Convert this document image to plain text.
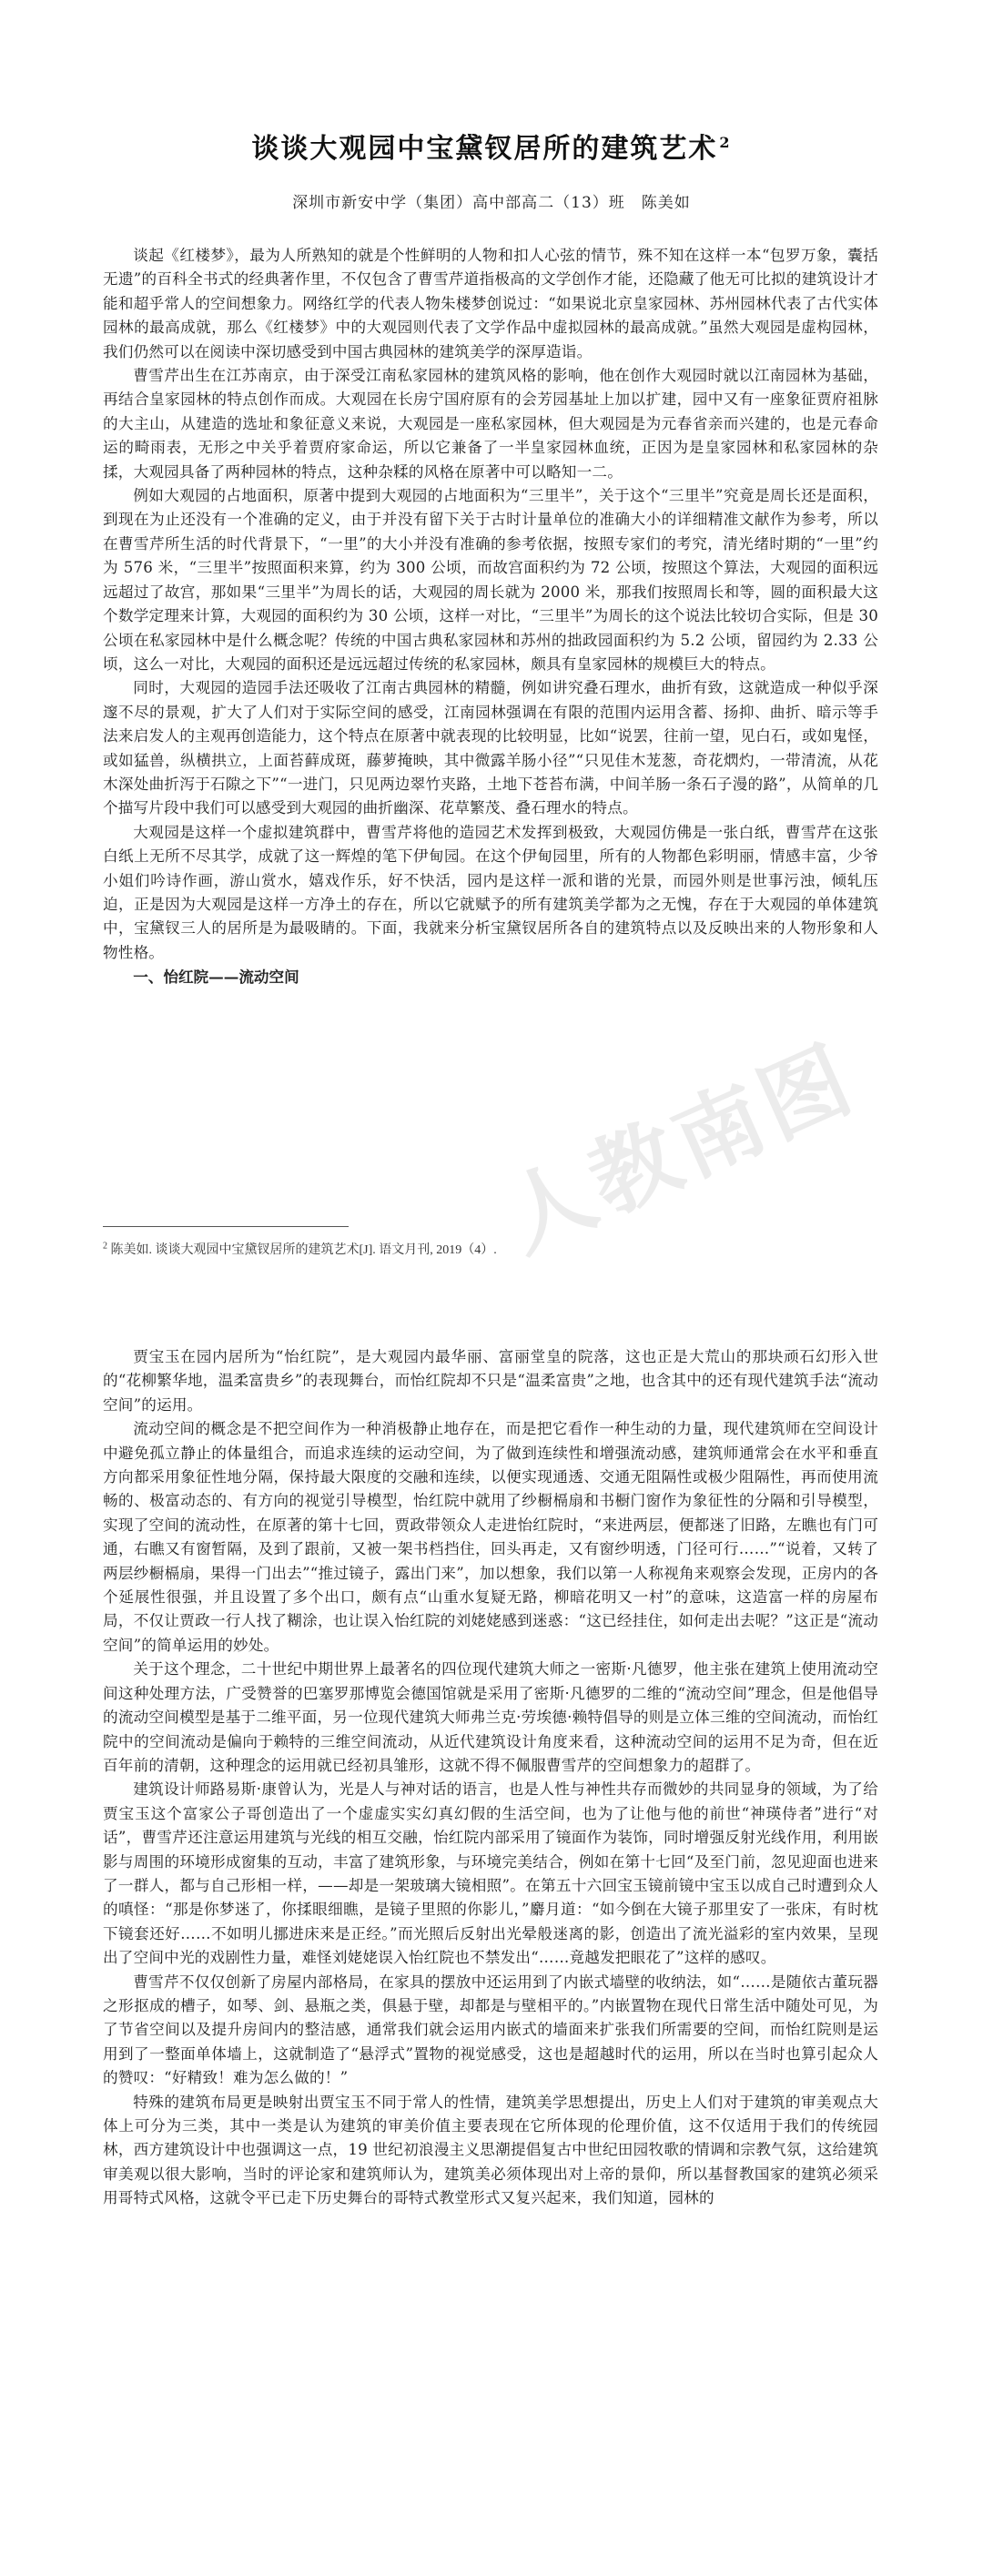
谈谈大观园中宝黛钗居所的建筑艺术 $^2$
深圳市新安中学（集团）高中部高二（13）班　陈美如

谈起《红楼梦》，最为人所熟知的就是个性鲜明的人物和扣人心弦的情节，殊不知在这样一本“包罗万象，囊括无遗”的百科全书式的经典著作里，不仅包含了曹雪芹道指极高的文学创作才能，还隐藏了他无可比拟的建筑设计才能和超乎常人的空间想象力。网络红学的代表人物朱楼梦创说过：“如果说北京皇家园林、苏州园林代表了古代实体园林的最高成就，那么《红楼梦》中的大观园则代表了文学作品中虚拟园林的最高成就。”虽然大观园是虚构园林，我们仍然可以在阅读中深切感受到中国古典园林的建筑美学的深厚造诣。

曹雪芹出生在江苏南京，由于深受江南私家园林的建筑风格的影响，他在创作大观园时就以江南园林为基础，再结合皇家园林的特点创作而成。大观园在长房宁国府原有的会芳园基址上加以扩建，园中又有一座象征贾府祖脉的大主山，从建造的选址和象征意义来说，大观园是一座私家园林，但大观园是为元春省亲而兴建的，也是元春命运的畸雨表，无形之中关乎着贾府家命运，所以它兼备了一半皇家园林血统，正因为是皇家园林和私家园林的杂揉，大观园具备了两种园林的特点，这种杂糅的风格在原著中可以略知一二。

例如大观园的占地面积，原著中提到大观园的占地面积为“三里半”，关于这个“三里半”究竟是周长还是面积，到现在为止还没有一个准确的定义，由于并没有留下关于古时计量单位的准确大小的详细精准文献作为参考，所以在曹雪芹所生活的时代背景下，“一里”的大小并没有准确的参考依据，按照专家们的考究，清光绪时期的“一里”约为 576 米，“三里半”按照面积来算，约为 300 公顷，而故宫面积约为 72 公顷，按照这个算法，大观园的面积远远超过了故宫，那如果“三里半”为周长的话，大观园的周长就为 2000 米，那我们按照周长和等，圆的面积最大这个数学定理来计算，大观园的面积约为 30 公顷，这样一对比，“三里半”为周长的这个说法比较切合实际，但是 30 公顷在私家园林中是什么概念呢？传统的中国古典私家园林和苏州的拙政园面积约为 5.2 公顷，留园约为 2.33 公顷，这么一对比，大观园的面积还是远远超过传统的私家园林，颇具有皇家园林的规模巨大的特点。

同时，大观园的造园手法还吸收了江南古典园林的精髓，例如讲究叠石理水，曲折有致，这就造成一种似乎深邃不尽的景观，扩大了人们对于实际空间的感受，江南园林强调在有限的范围内运用含蓄、扬抑、曲折、暗示等手法来启发人的主观再创造能力，这个特点在原著中就表现的比较明显，比如“说罢，往前一望，见白石，或如鬼怪，或如猛兽，纵横拱立，上面苔藓成斑，藤萝掩映，其中微露羊肠小径”“只见佳木茏葱，奇花熌灼，一带清流，从花木深处曲折泻于石隙之下”“一进门，只见两边翠竹夹路，土地下苍苔布满，中间羊肠一条石子漫的路”，从简单的几个描写片段中我们可以感受到大观园的曲折幽深、花草繁茂、叠石理水的特点。

大观园是这样一个虚拟建筑群中，曹雪芹将他的造园艺术发挥到极致，大观园仿佛是一张白纸，曹雪芹在这张白纸上无所不尽其学，成就了这一辉煌的笔下伊甸园。在这个伊甸园里，所有的人物都色彩明丽，情感丰富，少爷小姐们吟诗作画，游山赏水，嬉戏作乐，好不快活，园内是这样一派和谐的光景，而园外则是世事污浊，倾轧压迫，正是因为大观园是这样一方净土的存在，所以它就赋予的所有建筑美学都为之无愧，存在于大观园的单体建筑中，宝黛钗三人的居所是为最吸睛的。下面，我就来分析宝黛钗居所各自的建筑特点以及反映出来的人物形象和人物性格。

一、怡红院——流动空间

$^2$ 陈美如. 谈谈大观园中宝黛钗居所的建筑艺术[J]. 语文月刊, 2019（4）.
人教南图

贾宝玉在园内居所为“怡红院”，是大观园内最华丽、富丽堂皇的院落，这也正是大荒山的那块顽石幻形入世的“花柳繁华地，温柔富贵乡”的表现舞台，而怡红院却不只是“温柔富贵”之地，也含其中的还有现代建筑手法“流动空间”的运用。

流动空间的概念是不把空间作为一种消极静止地存在，而是把它看作一种生动的力量，现代建筑师在空间设计中避免孤立静止的体量组合，而追求连续的运动空间，为了做到连续性和增强流动感，建筑师通常会在水平和垂直方向都采用象征性地分隔，保持最大限度的交融和连续，以便实现通透、交通无阻隔性或极少阻隔性，再而使用流畅的、极富动态的、有方向的视觉引导模型，怡红院中就用了纱橱槅扇和书橱门窗作为象征性的分隔和引导模型，实现了空间的流动性，在原著的第十七回，贾政带领众人走进怡红院时，“来进两层，便都迷了旧路，左瞧也有门可通，右瞧又有窗暂隔，及到了跟前，又被一架书档挡住，回头再走，又有窗纱明透，门径可行……”“说着，又转了两层纱橱槅扇，果得一门出去”“推过镜子，露出门来”，加以想象，我们以第一人称视角来观察会发现，正房内的各个延展性很强，并且设置了多个出口，颇有点“山重水复疑无路，柳暗花明又一村”的意味，这造富一样的房屋布局，不仅让贾政一行人找了糊涂，也让误入怡红院的刘姥姥感到迷惑：“这已经挂住，如何走出去呢？”这正是“流动空间”的简单运用的妙处。

关于这个理念，二十世纪中期世界上最著名的四位现代建筑大师之一密斯·凡德罗，他主张在建筑上使用流动空间这种处理方法，广受赞誉的巴塞罗那博览会德国馆就是采用了密斯·凡德罗的二维的“流动空间”理念，但是他倡导的流动空间模型是基于二维平面，另一位现代建筑大师弗兰克·劳埃德·赖特倡导的则是立体三维的空间流动，而怡红院中的空间流动是偏向于赖特的三维空间流动，从近代建筑设计角度来看，这种流动空间的运用不足为奇，但在近百年前的清朝，这种理念的运用就已经初具雏形，这就不得不佩服曹雪芹的空间想象力的超群了。

建筑设计师路易斯·康曾认为，光是人与神对话的语言，也是人性与神性共存而微妙的共同显身的领域，为了给贾宝玉这个富家公子哥创造出了一个虚虚实实幻真幻假的生活空间，也为了让他与他的前世“神瑛侍者”进行“对话”，曹雪芹还注意运用建筑与光线的相互交融，怡红院内部采用了镜面作为装饰，同时增强反射光线作用，利用嵌影与周围的环境形成窗集的互动，丰富了建筑形象，与环境完美结合，例如在第十七回“及至门前，忽见迎面也进来了一群人，都与自己形相一样，——却是一架玻璃大镜相照”。在第五十六回宝玉镜前镜中宝玉以成自己时遭到众人的嗔怪：“那是你梦迷了，你揉眼细瞧，是镜子里照的你影儿，”麝月道：“如今倒在大镜子那里安了一张床，有时枕下镜套还好……不如明儿挪进床来是正经。”而光照后反射出光晕般迷离的影，创造出了流光溢彩的室内效果，呈现出了空间中光的戏剧性力量，难怪刘姥姥误入怡红院也不禁发出“……竟越发把眼花了”这样的感叹。

曹雪芹不仅仅创新了房屋内部格局，在家具的摆放中还运用到了内嵌式墙壁的收纳法，如“……是随依古董玩器之形抠成的槽子，如琴、剑、悬瓶之类，俱悬于壁，却都是与壁相平的。”内嵌置物在现代日常生活中随处可见，为了节省空间以及提升房间内的整洁感，通常我们就会运用内嵌式的墙面来扩张我们所需要的空间，而怡红院则是运用到了一整面单体墙上，这就制造了“悬浮式”置物的视觉感受，这也是超越时代的运用，所以在当时也算引起众人的赞叹：“好精致！难为怎么做的！”

特殊的建筑布局更是映射出贾宝玉不同于常人的性情，建筑美学思想提出，历史上人们对于建筑的审美观点大体上可分为三类，其中一类是认为建筑的审美价值主要表现在它所体现的伦理价值，这不仅适用于我们的传统园林，西方建筑设计中也强调这一点，19 世纪初浪漫主义思潮提倡复古中世纪田园牧歌的情调和宗教气氛，这给建筑审美观以很大影响，当时的评论家和建筑师认为，建筑美必须体现出对上帝的景仰，所以基督教国家的建筑必须采用哥特式风格，这就令平已走下历史舞台的哥特式教堂形式又复兴起来，我们知道，园林的
